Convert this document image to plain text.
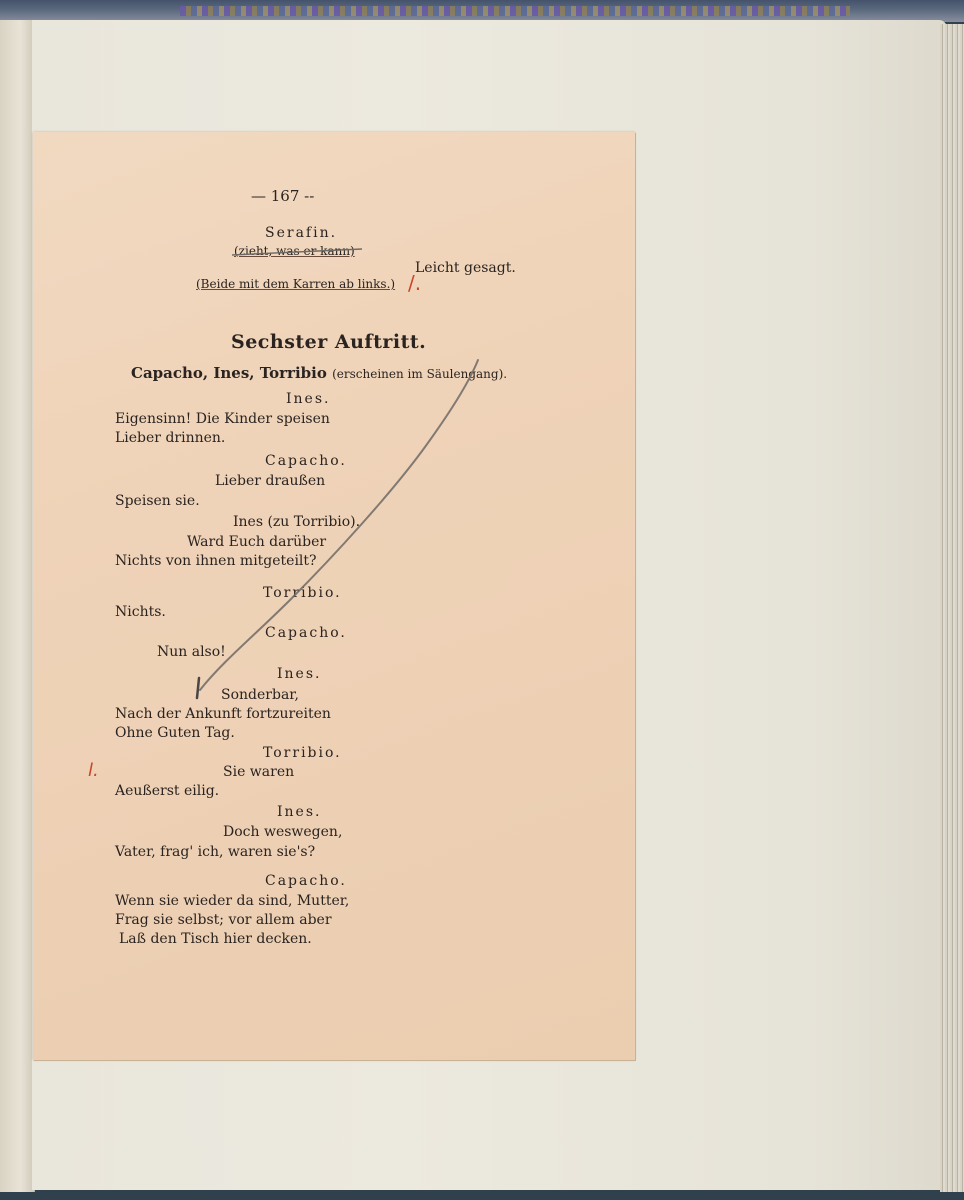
— 167 --

Serafin.

(zieht, was er kann)

Leicht gesagt.

(Beide mit dem Karren ab links.)

Sechster Auftritt.

Capacho, Ines, Torribio (erscheinen im Säulengang).

Ines.

Eigensinn! Die Kinder speisen

Lieber drinnen.

Capacho.

Lieber draußen

Speisen sie.

Ines (zu Torribio).

Ward Euch darüber

Nichts von ihnen mitgeteilt?

Torribio.

Nichts.

Capacho.

Nun also!

Ines.

Sonderbar,

Nach der Ankunft fortzureiten

Ohne Guten Tag.

Torribio.

Sie waren

Aeußerst eilig.

Ines.

Doch weswegen,

Vater, frag' ich, waren sie's?

Capacho.

Wenn sie wieder da sind, Mutter,

Frag sie selbst; vor allem aber

Laß den Tisch hier decken.

/.
l.
